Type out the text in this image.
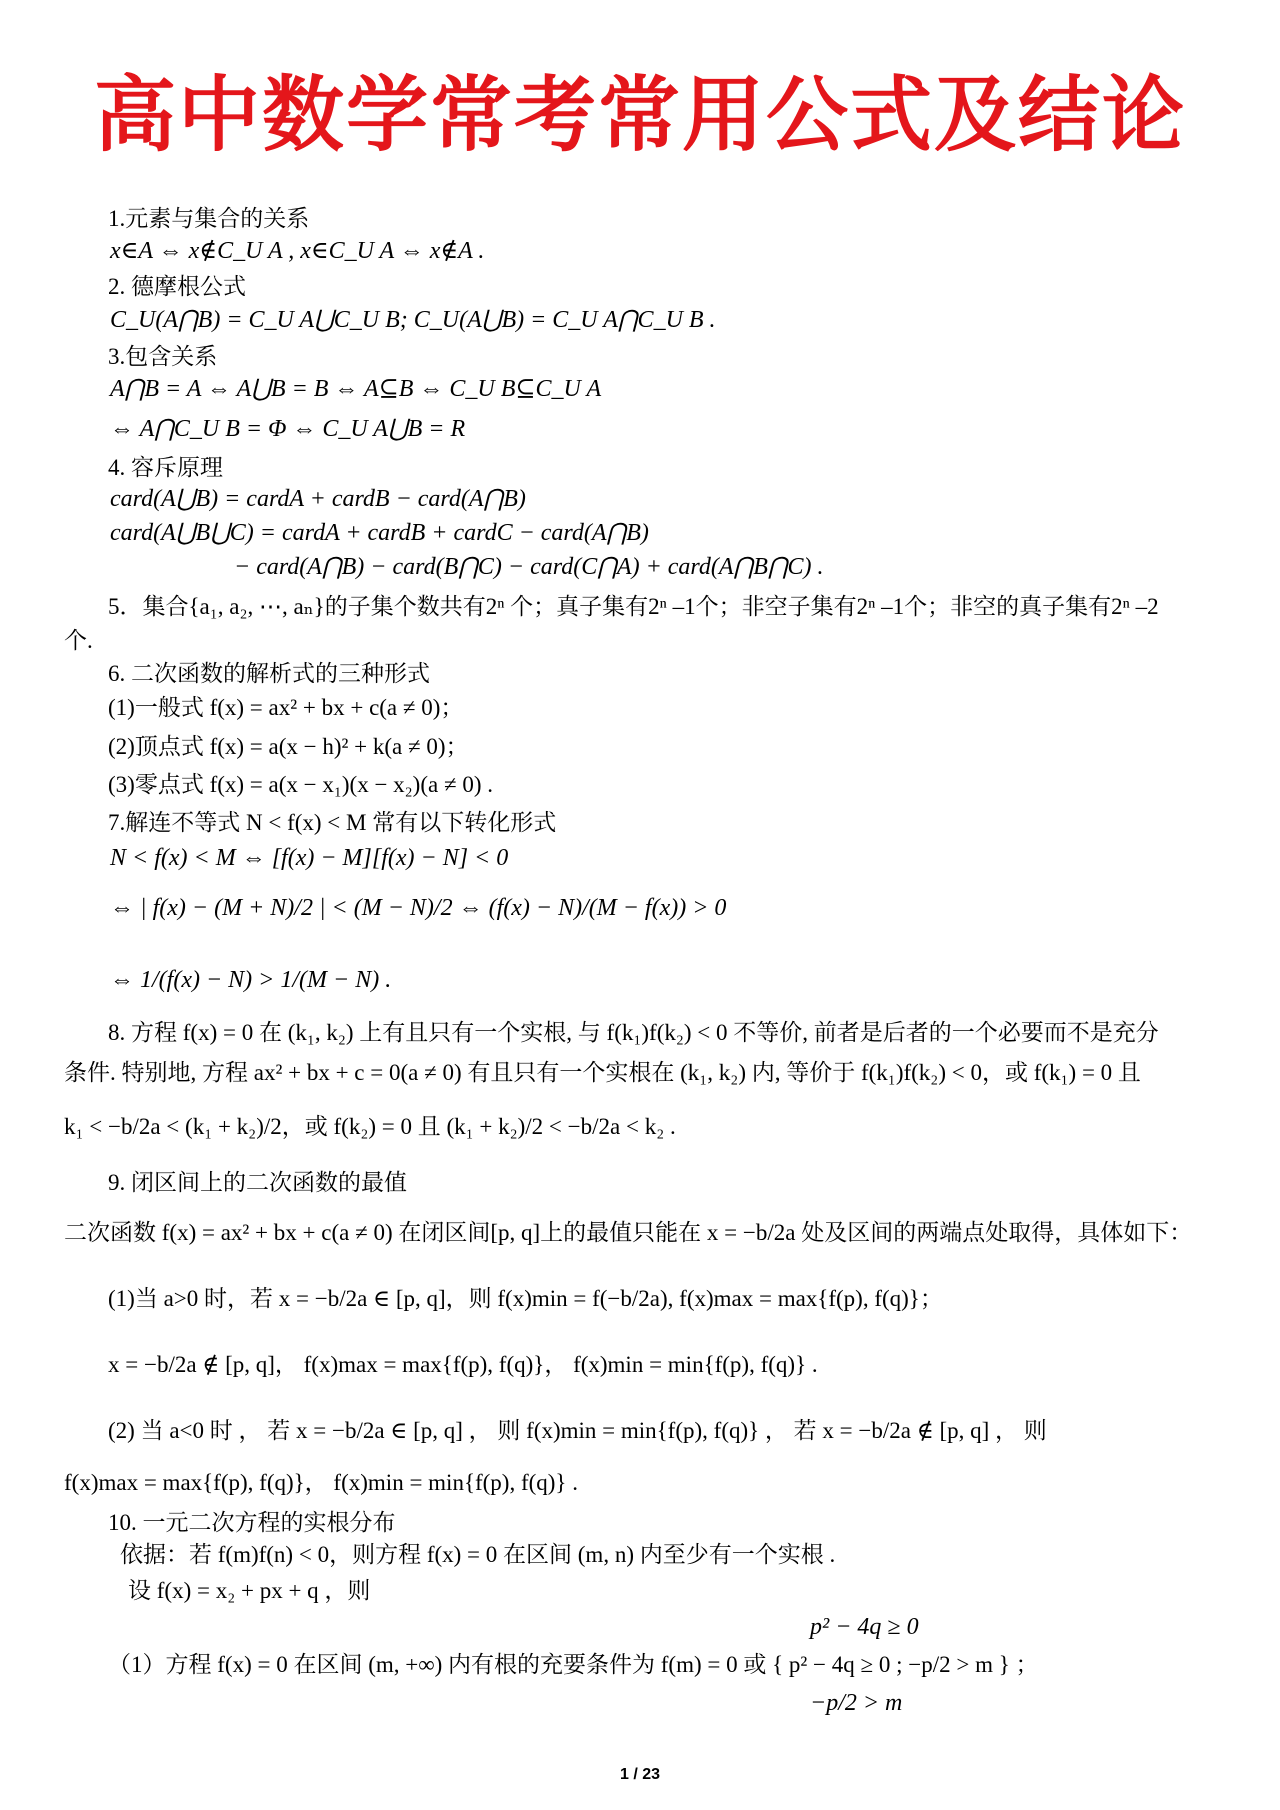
高中数学常考常用公式及结论
1.元素与集合的关系
x∈A ⇔ x∉C_U A , x∈C_U A ⇔ x∉A .
2. 德摩根公式
C_U(A⋂B) = C_U A⋃C_U B; C_U(A⋃B) = C_U A⋂C_U B .
3.包含关系
A⋂B = A ⇔ A⋃B = B ⇔ A⊆B ⇔ C_U B⊆C_U A
⇔ A⋂C_U B = Φ ⇔ C_U A⋃B = R
4. 容斥原理
card(A⋃B) = cardA + cardB − card(A⋂B)
card(A⋃B⋃C) = cardA + cardB + cardC − card(A⋂B)
− card(A⋂B) − card(B⋂C) − card(C⋂A) + card(A⋂B⋂C) .
5．集合{a₁, a₂, ⋯, aₙ}的子集个数共有2ⁿ 个；真子集有2ⁿ –1个；非空子集有2ⁿ –1个；非空的真子集有2ⁿ –2
个.
6. 二次函数的解析式的三种形式
(1)一般式 f(x) = ax² + bx + c(a ≠ 0)；
(2)顶点式 f(x) = a(x − h)² + k(a ≠ 0)；
(3)零点式 f(x) = a(x − x₁)(x − x₂)(a ≠ 0) .
7.解连不等式 N < f(x) < M 常有以下转化形式
N < f(x) < M ⇔ [f(x) − M][f(x) − N] < 0
⇔ | f(x) − (M + N)/2 | < (M − N)/2 ⇔ (f(x) − N)/(M − f(x)) > 0
⇔ 1/(f(x) − N) > 1/(M − N) .
8. 方程 f(x) = 0 在 (k₁, k₂) 上有且只有一个实根, 与 f(k₁)f(k₂) < 0 不等价, 前者是后者的一个必要而不是充分
条件. 特别地, 方程 ax² + bx + c = 0(a ≠ 0) 有且只有一个实根在 (k₁, k₂) 内, 等价于 f(k₁)f(k₂) < 0，或 f(k₁) = 0 且
k₁ < −b/2a < (k₁ + k₂)/2，或 f(k₂) = 0 且 (k₁ + k₂)/2 < −b/2a < k₂ .
9. 闭区间上的二次函数的最值
二次函数 f(x) = ax² + bx + c(a ≠ 0) 在闭区间[p, q]上的最值只能在 x = −b/2a 处及区间的两端点处取得，具体如下：
(1)当 a>0 时，若 x = −b/2a ∈ [p, q]，则 f(x)min = f(−b/2a), f(x)max = max{f(p), f(q)}；
x = −b/2a ∉ [p, q]， f(x)max = max{f(p), f(q)}， f(x)min = min{f(p), f(q)} .
(2) 当 a<0 时 ， 若 x = −b/2a ∈ [p, q] ， 则 f(x)min = min{f(p), f(q)} ， 若 x = −b/2a ∉ [p, q] ， 则
f(x)max = max{f(p), f(q)}， f(x)min = min{f(p), f(q)} .
10. 一元二次方程的实根分布
依据：若 f(m)f(n) < 0，则方程 f(x) = 0 在区间 (m, n) 内至少有一个实根 .
设 f(x) = x₂ + px + q ，则
p² − 4q ≥ 0
（1）方程 f(x) = 0 在区间 (m, +∞) 内有根的充要条件为 f(m) = 0 或 { p² − 4q ≥ 0 ; −p/2 > m } ；
−p/2 > m
1 / 23
